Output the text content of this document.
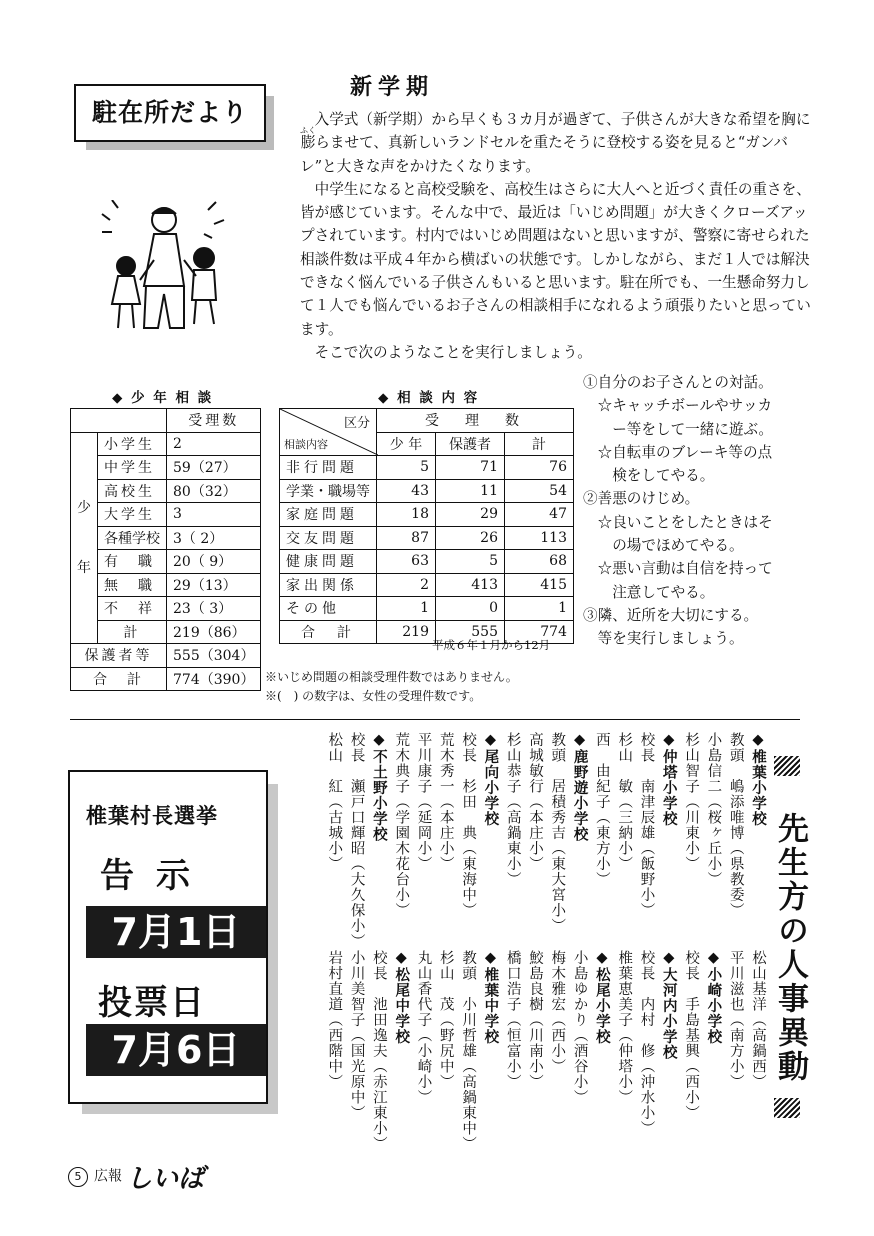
駐在所だより
新学期

入学式（新学期）から早くも３カ月が過ぎて、子供さんが大きな希望を胸に膨ふくらませて、真新しいランドセルを重たそうに登校する姿を見ると“ガンバレ”と大きな声をかけたくなります。

中学生になると高校受験を、高校生はさらに大人へと近づく責任の重さを、皆が感じています。そんな中で、最近は「いじめ問題」が大きくクローズアップされています。村内ではいじめ問題はないと思いますが、警察に寄せられた相談件数は平成４年から横ばいの状態です。しかしながら、まだ１人では解決できなく悩んでいる子供さんもいると思います。駐在所でも、一生懸命努力して１人でも悩んでいるお子さんの相談相手になれるよう頑張りたいと思っています。

そこで次のようなことを実行しましょう。

◆ 少 年 相 談
		受理数
少
年	小学生	2
	中学生	59（27）
	高校生	80（32）
	大学生	3
	各種学校	3（ 2）
	有　職	20（ 9）
	無　職	29（13）
	不　祥	23（ 3）
	計	219（86）
保護者等		555（304）
合　計		774（390）
◆ 相 談 内 容
区分
相談内容	受　理　数		
	少 年	保護者	計
非行問題	5	71	76
学業・職場等	43	11	54
家庭問題	18	29	47
交友問題	87	26	113
健康問題	63	5	68
家出関係	2	413	415
その他	1	0	1
合　計	219	555	774
平成６年１月から12月
※いじめ問題の相談受理件数ではありません。
※(　) の数字は、女性の受理件数です。
①自分のお子さんとの対話。
　☆キャッチボールやサッカ
　　ー等をして一緒に遊ぶ。
　☆自転車のブレーキ等の点
　　検をしてやる。
②善悪のけじめ。
　☆良いことをしたときはそ
　　の場でほめてやる。
　☆悪い言動は自信を持って
　　注意してやる。
③隣、近所を大切にする。
　等を実行しましょう。
椎葉村長選挙
告示
7月1日
投票日
7月6日	先生方の人事異動
◆椎葉小学校
教頭　嶋添唯博（県教委）
小島信二（桜ヶ丘小）
杉山智子（川東小）
◆仲塔小学校
校長　南津辰雄（飯野小）
杉山　敏（三納小）
西　由紀子（東方小）
◆鹿野遊小学校
教頭　居積秀吉（東大宮小）
高城敏行（本庄小）
杉山恭子（高鍋東小）
◆尾向小学校
校長　杉田　典（東海中）
荒木秀一（本庄小）
平川康子（延岡小）
荒木典子（学園木花台小）
◆不土野小学校
校長　瀬戸口輝昭（大久保小）
松山　紅（古城小）
松山基洋（高鍋西）
平川滋也（南方小）
◆小崎小学校
校長　手島基興（西小）
◆大河内小学校
校長　内村　修（沖水小）
椎葉恵美子（仲塔小）
◆松尾小学校
小島ゆかり（酒谷小）
梅木雅宏（西小）
鮫島良樹（川南小）
橋口浩子（恒富小）
◆椎葉中学校
教頭　小川哲雄（高鍋東中）
杉山　茂（野尻中）
丸山香代子（小崎小）
◆松尾中学校
校長　池田逸夫（赤江東小）
小川美智子（国光原中）
岩村直道（西階中）
5 広報 しいば
